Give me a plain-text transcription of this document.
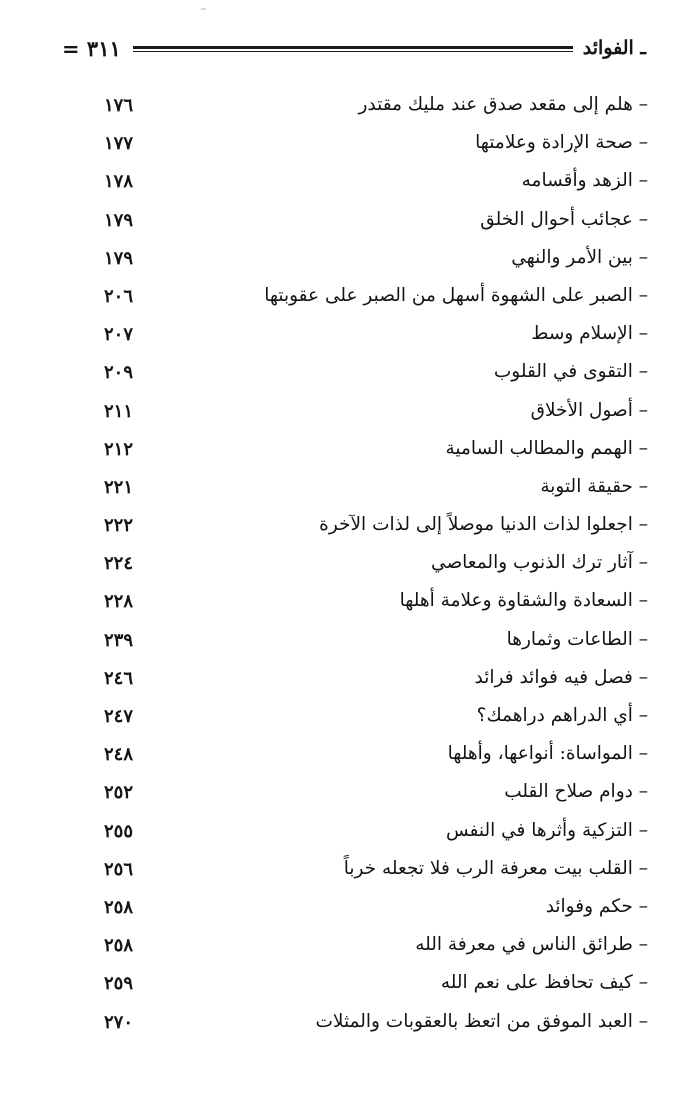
ـ الفوائد
٣١١ =
– هلم إلى مقعد صدق عند مليك مقتدر
١٧٦
– صحة الإرادة وعلامتها
١٧٧
– الزهد وأقسامه
١٧٨
– عجائب أحوال الخلق
١٧٩
– بين الأمر والنهي
١٧٩
– الصبر على الشهوة أسهل من الصبر على عقوبتها
٢٠٦
– الإسلام وسط
٢٠٧
– التقوى في القلوب
٢٠٩
– أصول الأخلاق
٢١١
– الهمم والمطالب السامية
٢١٢
– حقيقة التوبة
٢٢١
– اجعلوا لذات الدنيا موصلاً إلى لذات الآخرة
٢٢٢
– آثار ترك الذنوب والمعاصي
٢٢٤
– السعادة والشقاوة وعلامة أهلها
٢٢٨
– الطاعات وثمارها
٢٣٩
– فصل فيه فوائد فرائد
٢٤٦
– أي الدراهم دراهمك؟
٢٤٧
– المواساة: أنواعها، وأهلها
٢٤٨
– دوام صلاح القلب
٢٥٢
– التزكية وأثرها في النفس
٢٥٥
– القلب بيت معرفة الرب فلا تجعله خرباً
٢٥٦
– حكم وفوائد
٢٥٨
– طرائق الناس في معرفة الله
٢٥٨
– كيف تحافظ على نعم الله
٢٥٩
– العبد الموفق من اتعظ بالعقوبات والمثلات
٢٧٠
